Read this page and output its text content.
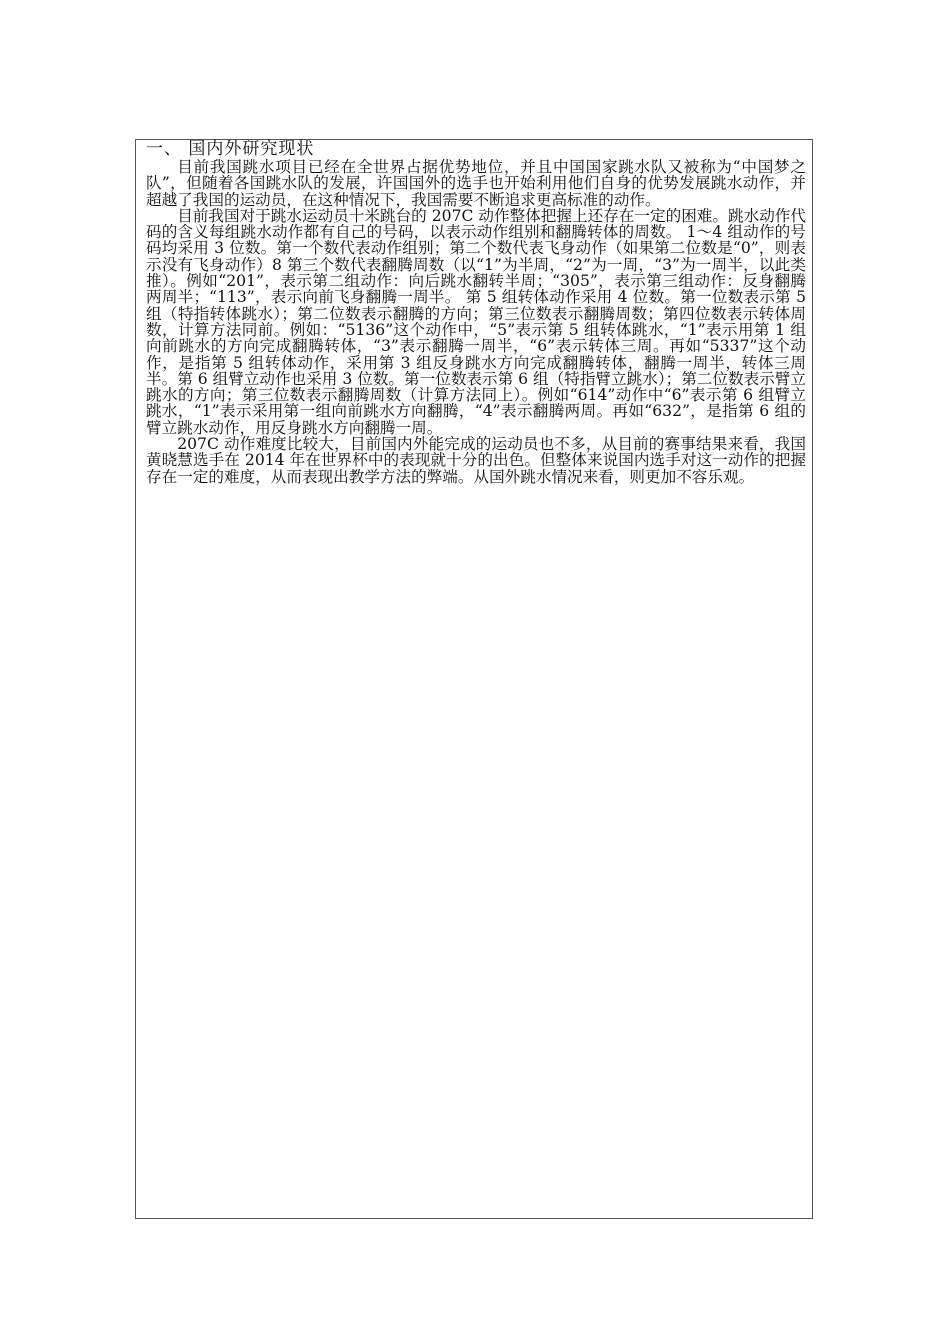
一、 国内外研究现状

目前我国跳水项目已经在全世界占据优势地位，并且中国国家跳水队又被称为“中国梦之队”，但随着各国跳水队的发展，许国国外的选手也开始利用他们自身的优势发展跳水动作，并超越了我国的运动员，在这种情况下，我国需要不断追求更高标准的动作。

目前我国对于跳水运动员十米跳台的 207C 动作整体把握上还存在一定的困难。跳水动作代码的含义每组跳水动作都有自己的号码，以表示动作组别和翻腾转体的周数。 1～4 组动作的号码均采用 3 位数。第一个数代表动作组别；第二个数代表飞身动作（如果第二位数是“0”，则表示没有飞身动作）8 第三个数代表翻腾周数（以“1”为半周，“2”为一周，“3”为一周半，以此类推）。例如“201”，表示第二组动作：向后跳水翻转半周；“305”，表示第三组动作：反身翻腾两周半；“113”，表示向前飞身翻腾一周半。 第 5 组转体动作采用 4 位数。第一位数表示第 5 组（特指转体跳水）；第二位数表示翻腾的方向；第三位数表示翻腾周数；第四位数表示转体周数，计算方法同前。例如：“5136”这个动作中，“5”表示第 5 组转体跳水，“1”表示用第 1 组向前跳水的方向完成翻腾转体，“3”表示翻腾一周半，“6”表示转体三周。再如“5337”这个动作，是指第 5 组转体动作，采用第 3 组反身跳水方向完成翻腾转体，翻腾一周半，转体三周半。第 6 组臂立动作也采用 3 位数。第一位数表示第 6 组（特指臂立跳水）；第二位数表示臂立跳水的方向；第三位数表示翻腾周数（计算方法同上）。例如“614”动作中“6”表示第 6 组臂立跳水，“1”表示采用第一组向前跳水方向翻腾，“4”表示翻腾两周。再如“632”，是指第 6 组的臂立跳水动作，用反身跳水方向翻腾一周。

207C 动作难度比较大，目前国内外能完成的运动员也不多，从目前的赛事结果来看，我国黄晓慧选手在 2014 年在世界杯中的表现就十分的出色。但整体来说国内选手对这一动作的把握存在一定的难度，从而表现出教学方法的弊端。从国外跳水情况来看，则更加不容乐观。
